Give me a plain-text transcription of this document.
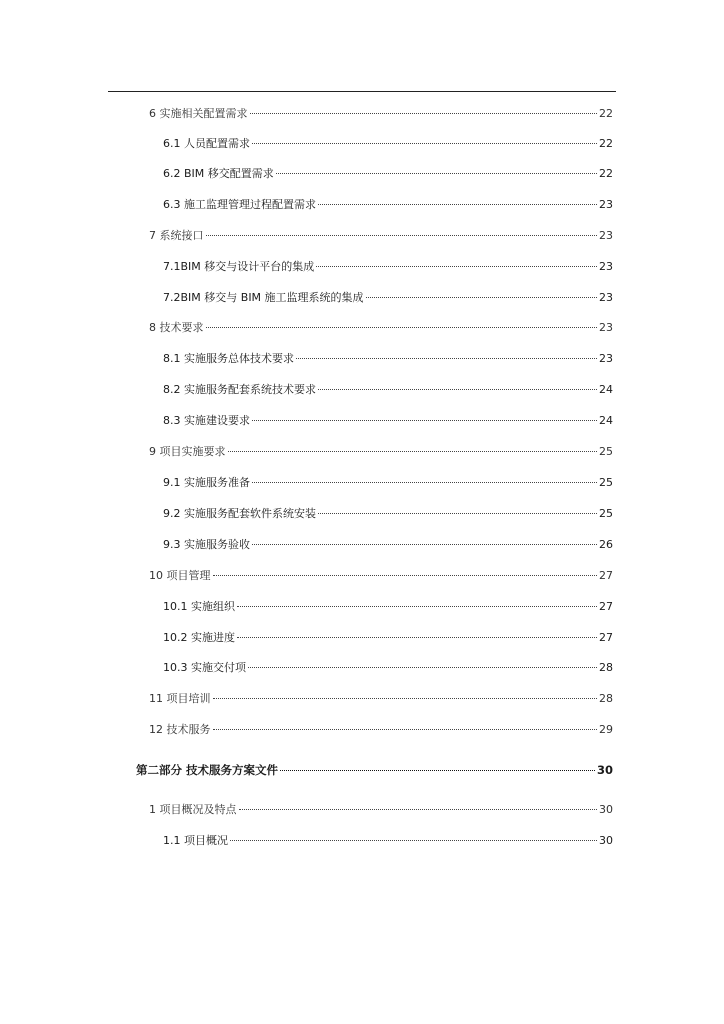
6 实施相关配置需求	22
6.1 人员配置需求	22
6.2 BIM 移交配置需求	22
6.3 施工监理管理过程配置需求	23
7 系统接口	23
7.1BIM 移交与设计平台的集成	23
7.2BIM 移交与 BIM 施工监理系统的集成	23
8 技术要求	23
8.1 实施服务总体技术要求	23
8.2 实施服务配套系统技术要求	24
8.3 实施建设要求	24
9 项目实施要求	25
9.1 实施服务准备	25
9.2 实施服务配套软件系统安装	25
9.3 实施服务验收	26
10 项目管理	27
10.1 实施组织	27
10.2 实施进度	27
10.3 实施交付项	28
11 项目培训	28
12 技术服务	29
第二部分 技术服务方案文件	30
1 项目概况及特点	30
1.1 项目概况	30
